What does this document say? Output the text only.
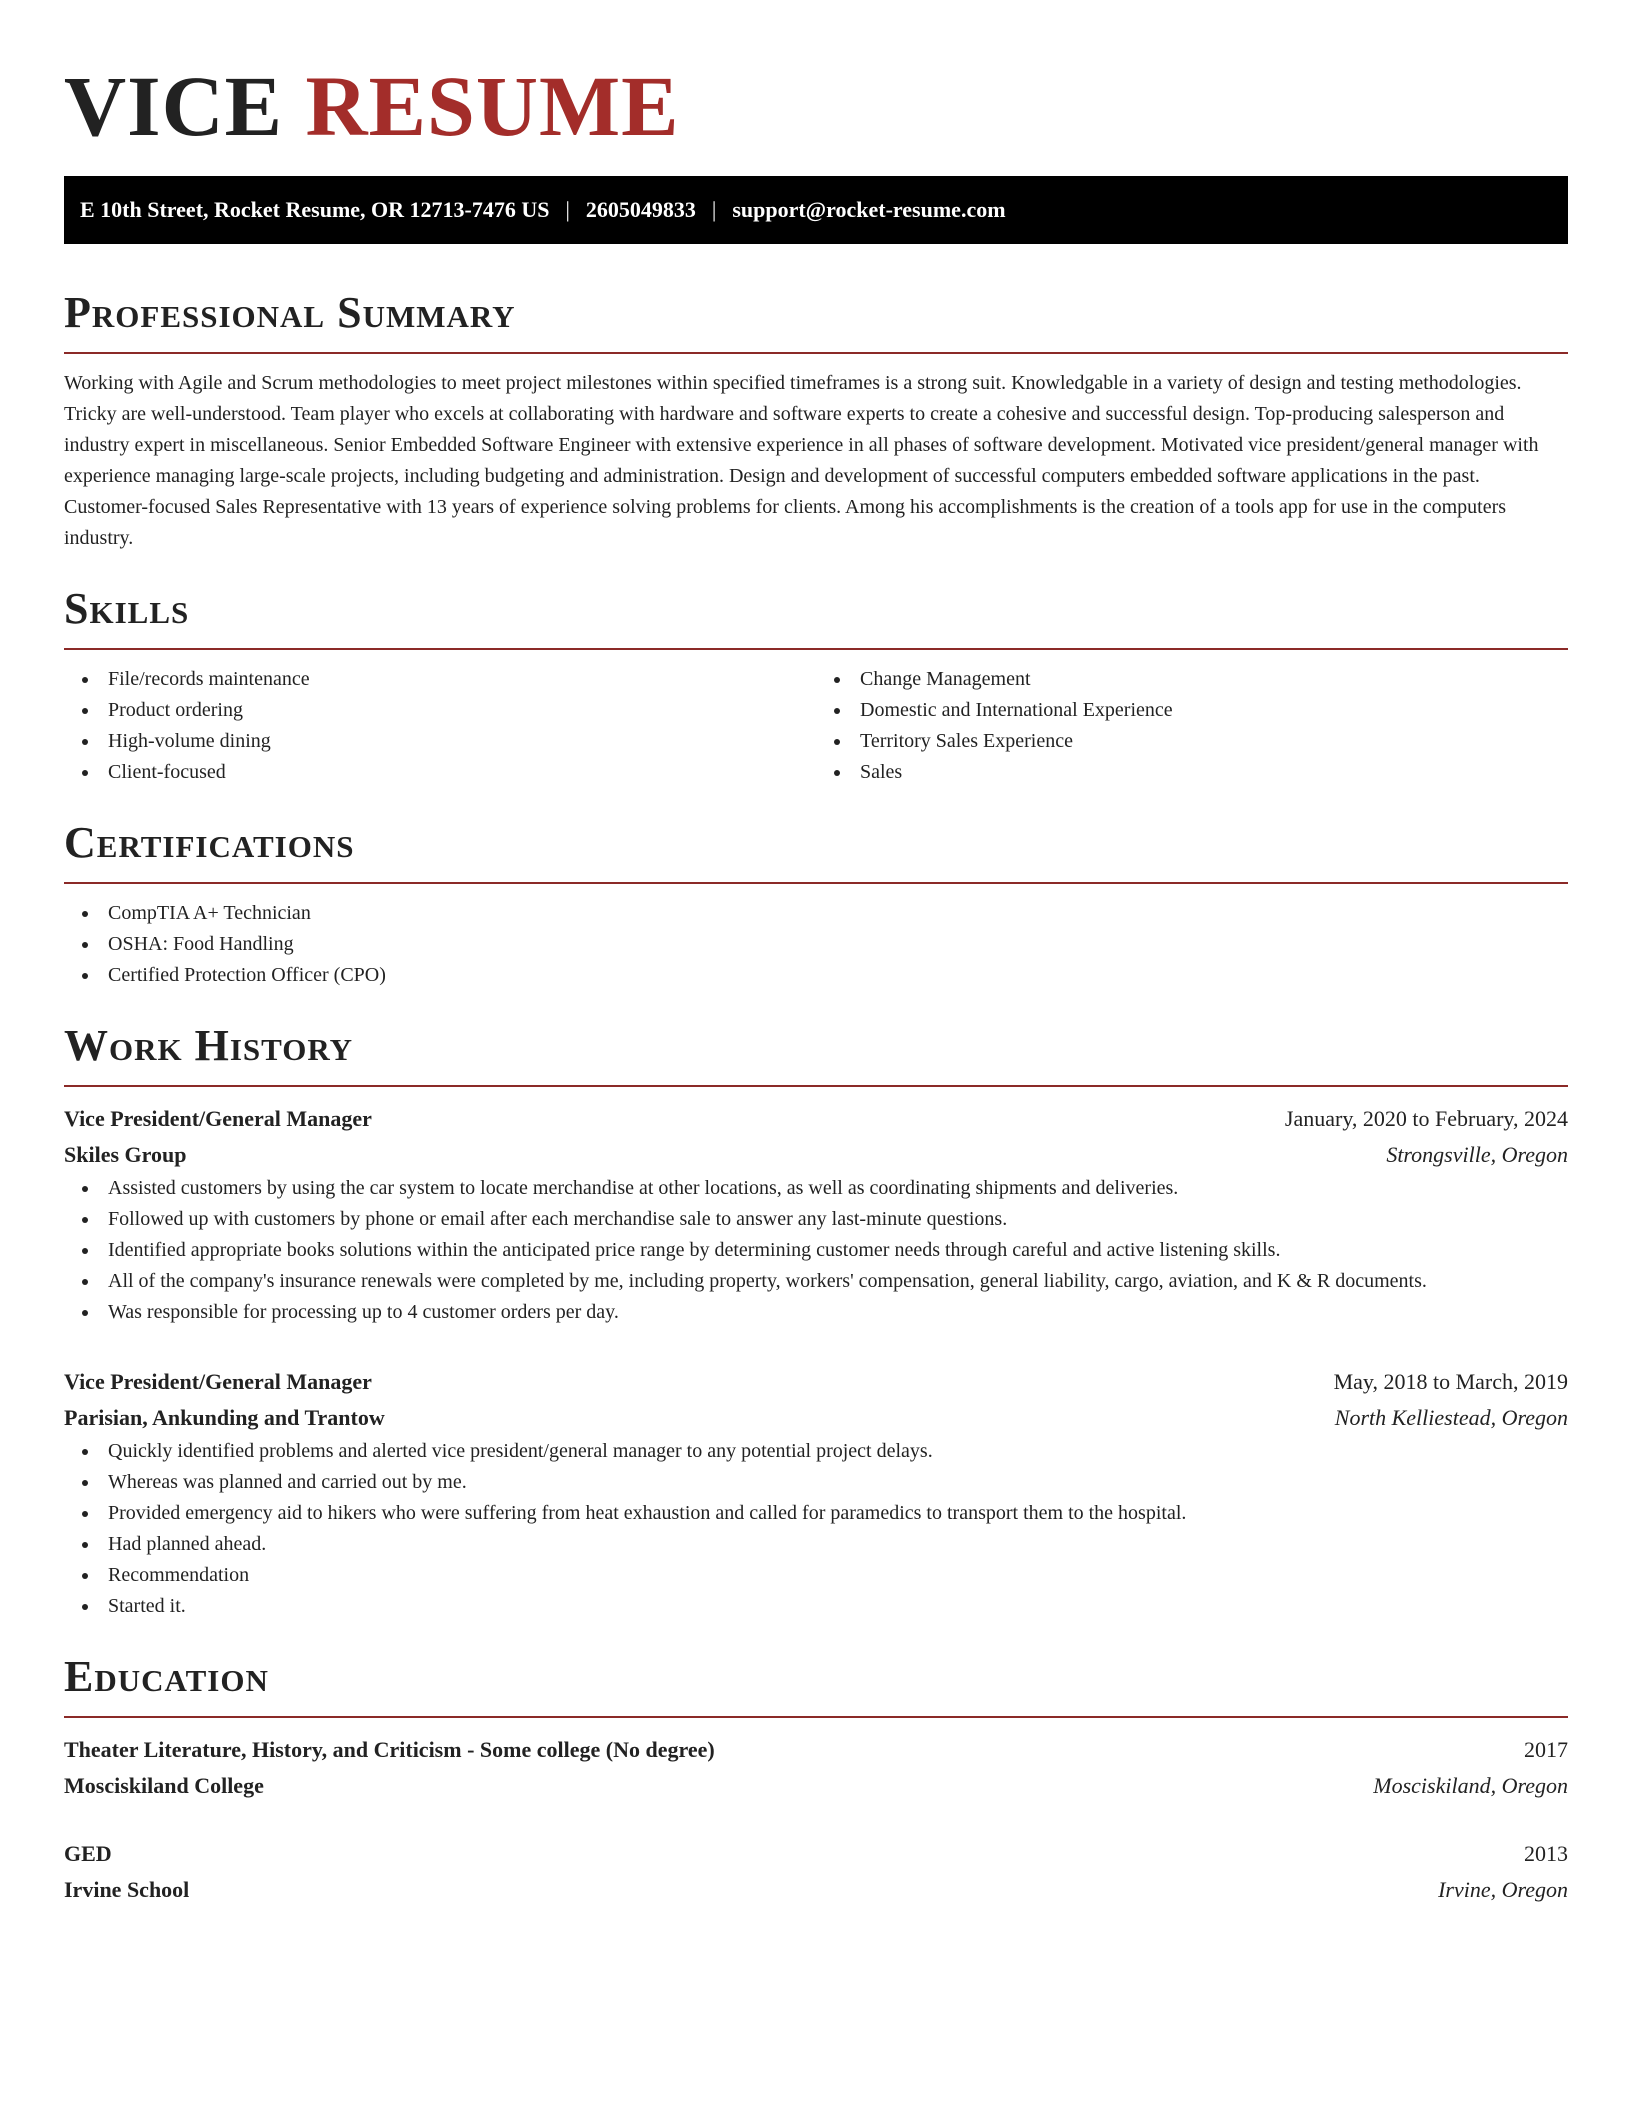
VICE RESUME
E 10th Street, Rocket Resume, OR 12713-7476 US | 2605049833 | support@rocket-resume.com
Professional Summary

Working with Agile and Scrum methodologies to meet project milestones within specified timeframes is a strong suit. Knowledgable in a variety of design and testing methodologies. Tricky are well-understood. Team player who excels at collaborating with hardware and software experts to create a cohesive and successful design. Top-producing salesperson and industry expert in miscellaneous. Senior Embedded Software Engineer with extensive experience in all phases of software development. Motivated vice president/general manager with experience managing large-scale projects, including budgeting and administration. Design and development of successful computers embedded software applications in the past. Customer-focused Sales Representative with 13 years of experience solving problems for clients. Among his accomplishments is the creation of a tools app for use in the computers industry.

Skills
File/records maintenance
Product ordering
High-volume dining
Client-focused
Change Management
Domestic and International Experience
Territory Sales Experience
Sales
Certifications
CompTIA A+ Technician
OSHA: Food Handling
Certified Protection Officer (CPO)
Work History
Vice President/General Manager	January, 2020 to February, 2024
Skiles Group	Strongsville, Oregon
Assisted customers by using the car system to locate merchandise at other locations, as well as coordinating shipments and deliveries.
Followed up with customers by phone or email after each merchandise sale to answer any last-minute questions.
Identified appropriate books solutions within the anticipated price range by determining customer needs through careful and active listening skills.
All of the company's insurance renewals were completed by me, including property, workers' compensation, general liability, cargo, aviation, and K & R documents.
Was responsible for processing up to 4 customer orders per day.
Vice President/General Manager	May, 2018 to March, 2019
Parisian, Ankunding and Trantow	North Kelliestead, Oregon
Quickly identified problems and alerted vice president/general manager to any potential project delays.
Whereas was planned and carried out by me.
Provided emergency aid to hikers who were suffering from heat exhaustion and called for paramedics to transport them to the hospital.
Had planned ahead.
Recommendation
Started it.
Education
Theater Literature, History, and Criticism - Some college (No degree)	2017
Mosciskiland College	Mosciskiland, Oregon
GED	2013
Irvine School	Irvine, Oregon
